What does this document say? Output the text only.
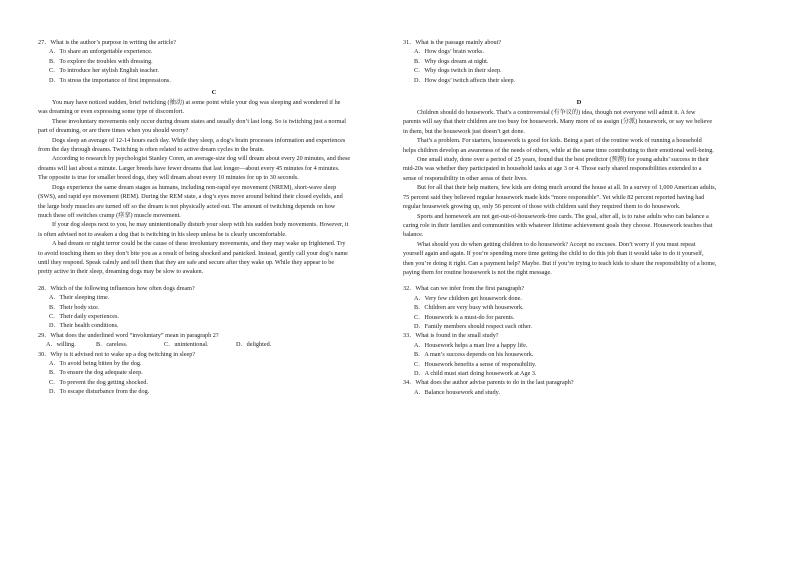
27．What is the author’s purpose in writing the article?
A．To share an unforgettable experience.
B．To explore the troubles with dressing.
C．To introduce her stylish English teacher.
D．To stress the importance of first impressions.
C
You may have noticed sudden, brief twitching (抽动) at some point while your dog was sleeping and wondered if he
was dreaming or even expressing some type of discomfort.
These involuntary movements only occur during dream states and usually don’t last long. So is twitching just a normal
part of dreaming, or are there times when you should worry?
Dogs sleep an average of 12-14 hours each day. While they sleep, a dog’s brain processes information and experiences
from the day through dreams. Twitching is often related to active dream cycles in the brain.
According to research by psychologist Stanley Coren, an average-size dog will dream about every 20 minutes, and these
dreams will last about a minute. Larger breeds have fewer dreams that last longer—about every 45 minutes for 4 minutes.
The opposite is true for smaller breed dogs, they will dream about every 10 minutes for up to 30 seconds.
Dogs experience the same dream stages as humans, including non-rapid eye movement (NREM), short-wave sleep
(SWS), and rapid eye movement (REM). During the REM state, a dog’s eyes move around behind their closed eyelids, and
the large body muscles are turned off so the dream is not physically acted out. The amount of twitching depends on how
much these off switches cramp (痉挛) muscle movement.
If your dog sleeps next to you, he may unintentionally disturb your sleep with his sudden body movements. However, it
is often advised not to awaken a dog that is twitching in his sleep unless he is clearly uncomfortable.
A bad dream or night terror could be the cause of these involuntary movements, and they may wake up frightened. Try
to avoid touching them so they don’t bite you as a result of being shocked and panicked. Instead, gently call your dog’s name
until they respond. Speak calmly and tell them that they are safe and secure after they wake up. While they appear to be
pretty active in their sleep, dreaming dogs may be slow to awaken.
28．Which of the following influences how often dogs dream?
A．Their sleeping time.
B．Their body size.
C．Their daily experiences.
D．Their health conditions.
29．What does the underlined word “involuntary” mean in paragraph 2?
A．willing.	B．careless.	C．unintentional.	D．delighted.
30．Why is it advised not to wake up a dog twitching in sleep?
A．To avoid being bitten by the dog.
B．To ensure the dog adequate sleep.
C．To prevent the dog getting shocked.
D．To escape disturbance from the dog.
31．What is the passage mainly about?
A．How dogs’ brain works.
B．Why dogs dream at night.
C．Why dogs twitch in their sleep.
D．How dogs’ twitch affects their sleep.
D
Children should do housework. That’s a controversial (有争议的) idea, though not everyone will admit it. A few
parents will say that their children are too busy for housework. Many more of us assign (分派) housework, or say we believe
in them, but the housework just doesn’t get done.
That’s a problem. For starters, housework is good for kids. Being a part of the routine work of running a household
helps children develop an awareness of the needs of others, while at the same time contributing to their emotional well-being.
One small study, done over a period of 25 years, found that the best predictor (预测) for young adults’ success in their
mid-20s was whether they participated in household tasks at age 3 or 4. Those early shared responsibilities extended to a
sense of responsibility in other areas of their lives.
But for all that their help matters, few kids are doing much around the house at all. In a survey of 1,000 American adults,
75 percent said they believed regular housework made kids “more responsible”. Yet while 82 percent reported having had
regular housework growing up, only 56 percent of those with children said they required them to do housework.
Sports and homework are not get-out-of-housework-free cards. The goal, after all, is to raise adults who can balance a
caring role in their families and communities with whatever lifetime achievement goals they choose. Housework teaches that
balance.
What should you do when getting children to do housework? Accept no excuses. Don’t worry if you must repeat
yourself again and again. If you’re spending more time getting the child to do this job than it would take to do it yourself,
then you’re doing it right. Can a payment help? Maybe. But if you’re trying to teach kids to share the responsibility of a home,
paying them for routine housework is not the right message.
32．What can we infer from the first paragraph?
A．Very few children get housework done.
B．Children are very busy with housework.
C．Housework is a must-do for parents.
D．Family members should respect each other.
33．What is found in the small study?
A．Housework helps a man live a happy life.
B．A man’s success depends on his housework.
C．Housework benefits a sense of responsibility.
D．A child must start doing housework at Age 3.
34．What does the author advise parents to do in the last paragraph?
A．Balance housework and study.
